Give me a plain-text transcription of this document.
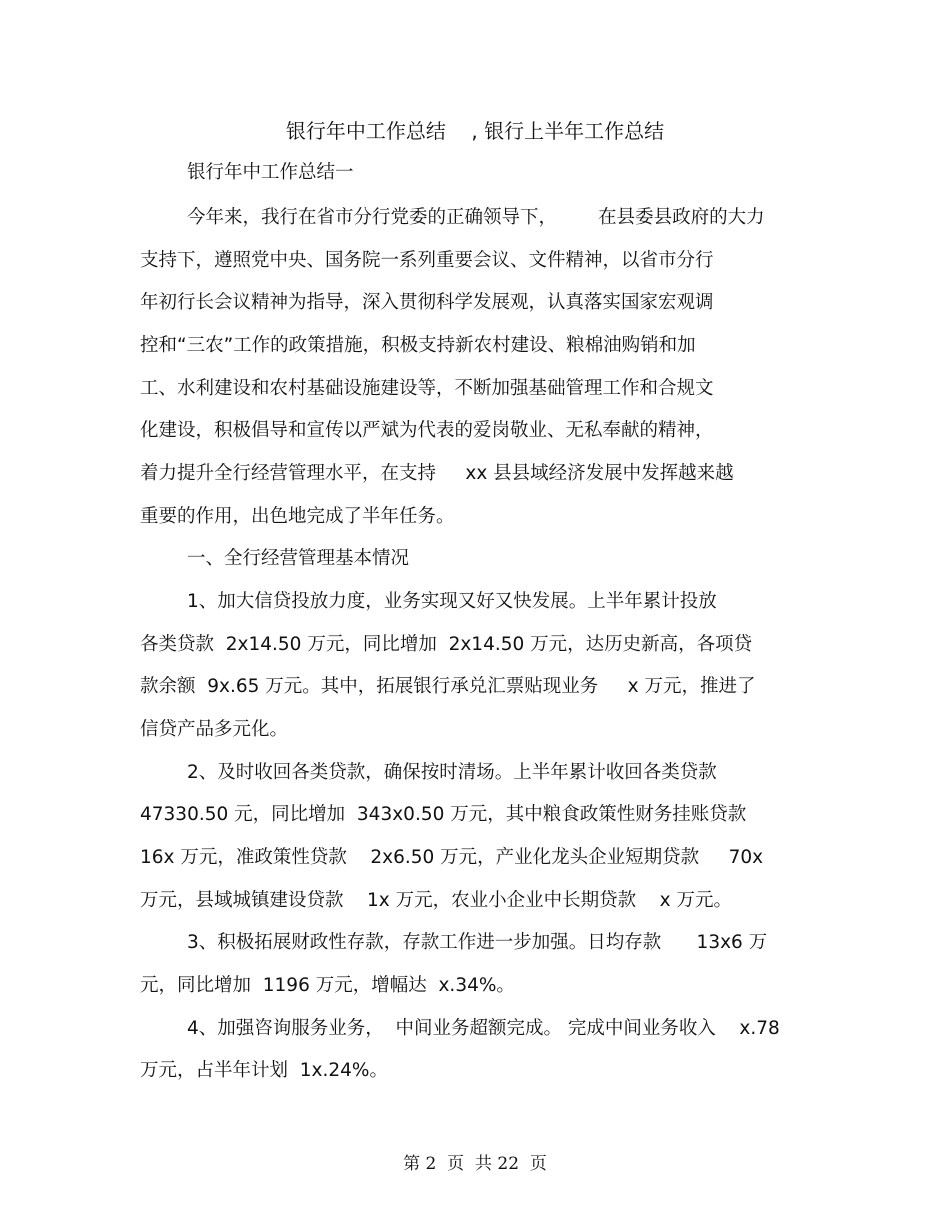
银行年中工作总结    , 银行上半年工作总结
银行年中工作总结一
今年来，我行在省市分行党委的正确领导下，       在县委县政府的大力
支持下，遵照党中央、国务院一系列重要会议、文件精神，以省市分行
年初行长会议精神为指导，深入贯彻科学发展观，认真落实国家宏观调
控和“三农”工作的政策措施，积极支持新农村建设、粮棉油购销和加
工、水利建设和农村基础设施建设等，不断加强基础管理工作和合规文
化建设，积极倡导和宣传以严斌为代表的爱岗敬业、无私奉献的精神，
着力提升全行经营管理水平，在支持     xx 县县域经济发展中发挥越来越
重要的作用，出色地完成了半年任务。
一、全行经营管理基本情况
1、加大信贷投放力度，业务实现又好又快发展。上半年累计投放
各类贷款  2x14.50 万元，同比增加  2x14.50 万元，达历史新高，各项贷
款余额  9x.65 万元。其中，拓展银行承兑汇票贴现业务     x 万元，推进了
信贷产品多元化。
2、及时收回各类贷款，确保按时清场。上半年累计收回各类贷款
47330.50 元，同比增加  343x0.50 万元，其中粮食政策性财务挂账贷款
16x 万元，准政策性贷款    2x6.50 万元，产业化龙头企业短期贷款     70x
万元，县域城镇建设贷款    1x 万元，农业小企业中长期贷款    x 万元。
3、积极拓展财政性存款，存款工作进一步加强。日均存款      13x6 万
元，同比增加  1196 万元，增幅达  x.34%。
4、加强咨询服务业务，  中间业务超额完成。 完成中间业务收入    x.78
万元，占半年计划  1x.24%。
第 2  页  共 22  页
